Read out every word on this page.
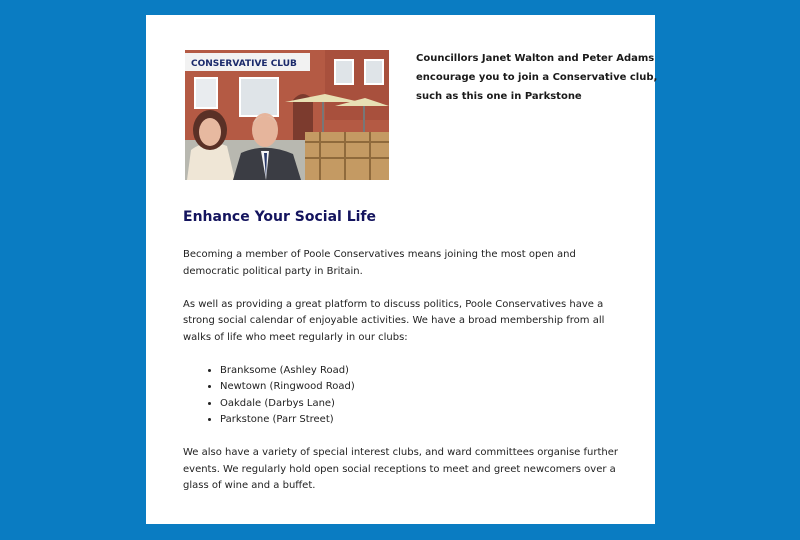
CONSERVATIVE CLUB	Councillors Janet Walton and Peter Adams
encourage you to join a Conservative club,
such as this one in Parkstone
Enhance Your Social Life

Becoming a member of Poole Conservatives means joining the most open and democratic political party in Britain.

As well as providing a great platform to discuss politics, Poole Conservatives have a strong social calendar of enjoyable activities. We have a broad membership from all walks of life who meet regularly in our clubs:

• Branksome (Ashley Road)
• Newtown (Ringwood Road)
• Oakdale (Darbys Lane)
• Parkstone (Parr Street)

We also have a variety of special interest clubs, and ward committees organise further events. We regularly hold open social receptions to meet and greet newcomers over a glass of wine and a buffet.
